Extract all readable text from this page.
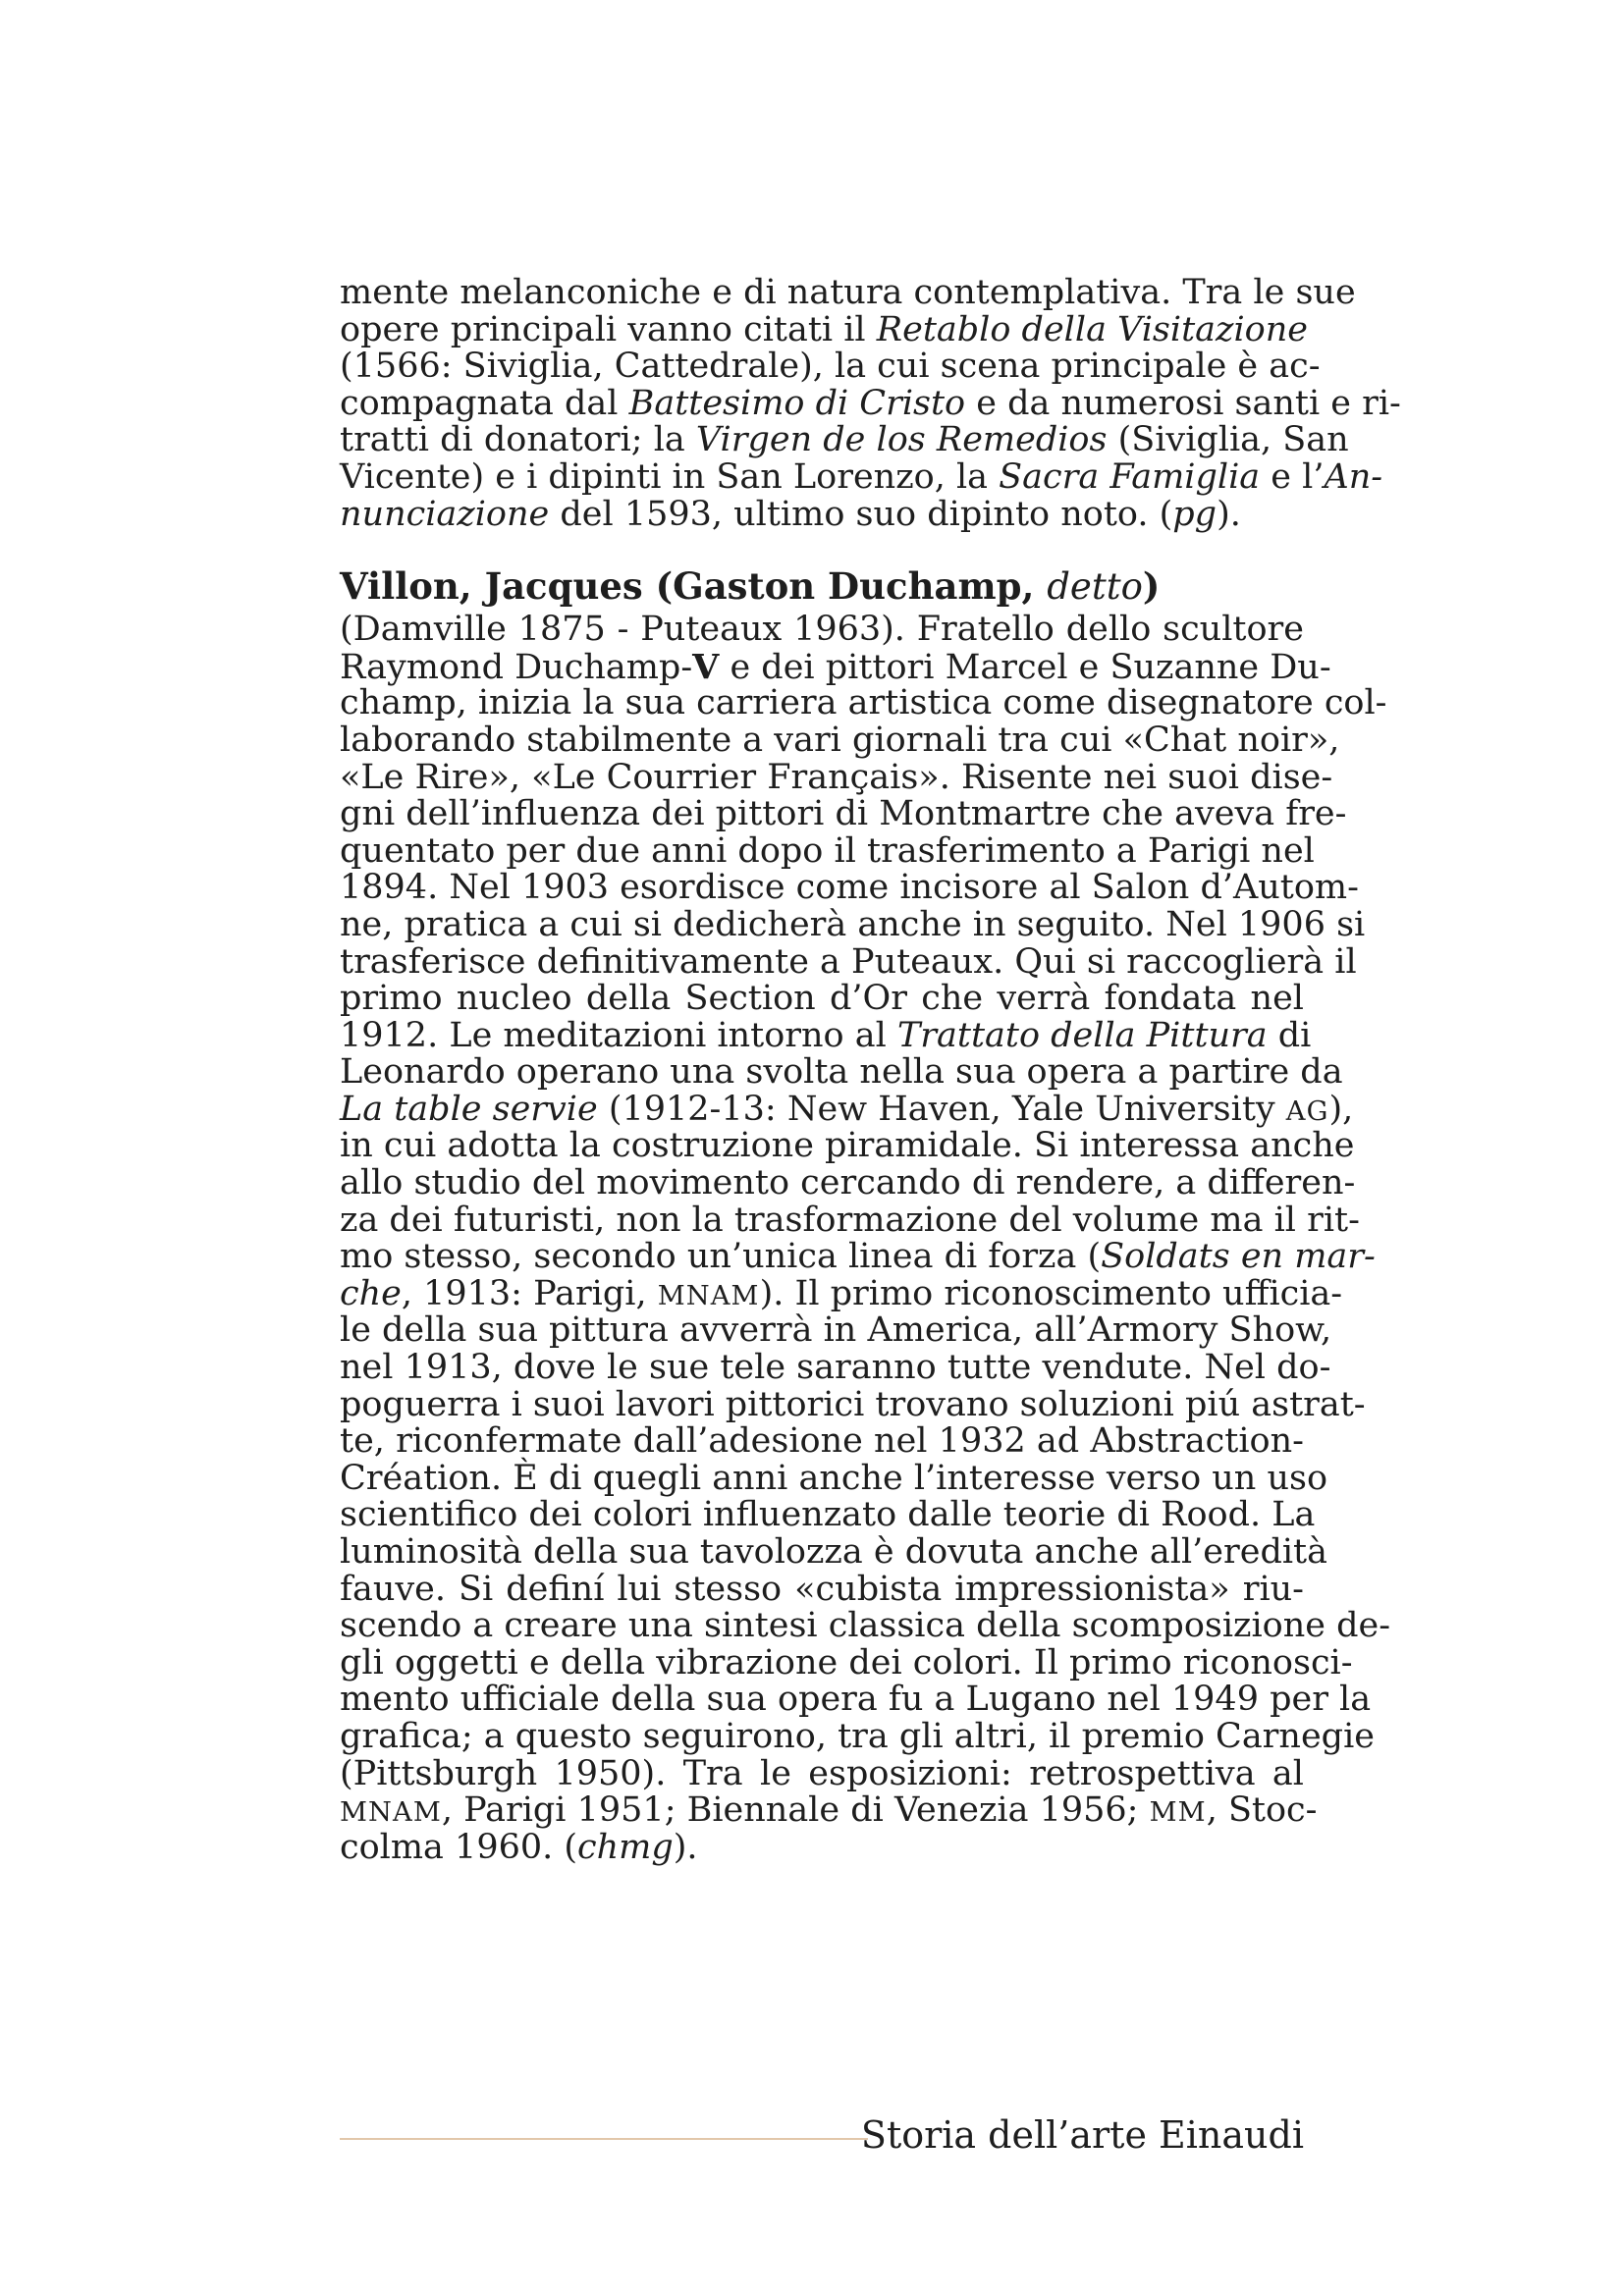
mente melanconiche e di natura contemplativa. Tra le sue
opere principali vanno citati il Retablo della Visitazione
(1566: Siviglia, Cattedrale), la cui scena principale è ac-
compagnata dal Battesimo di Cristo e da numerosi santi e ri-
tratti di donatori; la Virgen de los Remedios (Siviglia, San
Vicente) e i dipinti in San Lorenzo, la Sacra Famiglia e l’An-
nunciazione del 1593, ultimo suo dipinto noto. (pg).
Villon, Jacques (Gaston Duchamp, detto)
(Damville 1875 - Puteaux 1963). Fratello dello scultore
Raymond Duchamp-V e dei pittori Marcel e Suzanne Du-
champ, inizia la sua carriera artistica come disegnatore col-
laborando stabilmente a vari giornali tra cui «Chat noir»,
«Le Rire», «Le Courrier Français». Risente nei suoi dise-
gni dell’influenza dei pittori di Montmartre che aveva fre-
quentato per due anni dopo il trasferimento a Parigi nel
1894. Nel 1903 esordisce come incisore al Salon d’Autom-
ne, pratica a cui si dedicherà anche in seguito. Nel 1906 si
trasferisce definitivamente a Puteaux. Qui si raccoglierà il
primo nucleo della Section d’Or che verrà fondata nel
1912. Le meditazioni intorno al Trattato della Pittura di
Leonardo operano una svolta nella sua opera a partire da
La table servie (1912-13: New Haven, Yale University AG),
in cui adotta la costruzione piramidale. Si interessa anche
allo studio del movimento cercando di rendere, a differen-
za dei futuristi, non la trasformazione del volume ma il rit-
mo stesso, secondo un’unica linea di forza (Soldats en mar-
che, 1913: Parigi, MNAM). Il primo riconoscimento ufficia-
le della sua pittura avverrà in America, all’Armory Show,
nel 1913, dove le sue tele saranno tutte vendute. Nel do-
poguerra i suoi lavori pittorici trovano soluzioni piú astrat-
te, riconfermate dall’adesione nel 1932 ad Abstraction-
Création. È di quegli anni anche l’interesse verso un uso
scientifico dei colori influenzato dalle teorie di Rood. La
luminosità della sua tavolozza è dovuta anche all’eredità
fauve. Si definí lui stesso «cubista impressionista» riu-
scendo a creare una sintesi classica della scomposizione de-
gli oggetti e della vibrazione dei colori. Il primo riconosci-
mento ufficiale della sua opera fu a Lugano nel 1949 per la
grafica; a questo seguirono, tra gli altri, il premio Carnegie
(Pittsburgh 1950). Tra le esposizioni: retrospettiva al
MNAM, Parigi 1951; Biennale di Venezia 1956; MM, Stoc-
colma 1960. (chmg).
Storia dell’arte Einaudi
